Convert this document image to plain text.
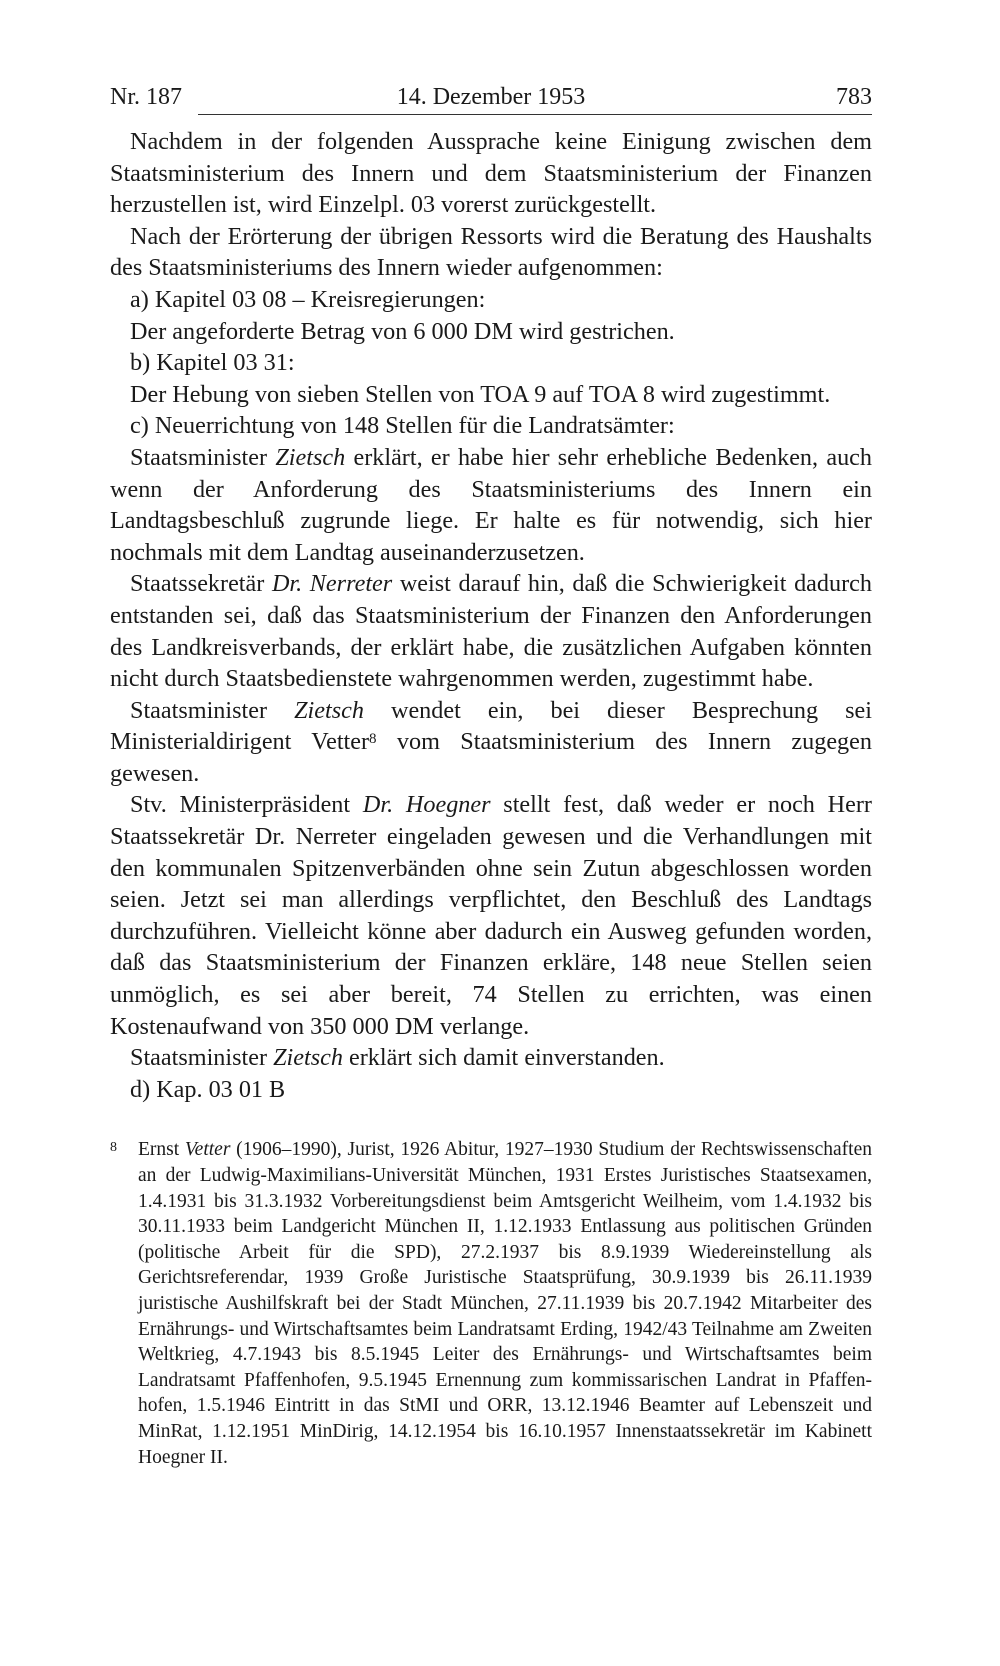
Nr. 187	14. Dezember 1953	783

Nachdem in der folgenden Aussprache keine Einigung zwischen dem Staatsministerium des Innern und dem Staatsministerium der Finanzen herzustellen ist, wird Einzelpl. 03 vorerst zurückgestellt.

Nach der Erörterung der übrigen Ressorts wird die Beratung des Haushalts des Staatsministeriums des Innern wieder aufgenommen:

a) Kapitel 03 08 – Kreisregierungen:

Der angeforderte Betrag von 6 000 DM wird gestrichen.

b) Kapitel 03 31:

Der Hebung von sieben Stellen von TOA 9 auf TOA 8 wird zugestimmt.

c) Neuerrichtung von 148 Stellen für die Landratsämter:

Staatsminister Zietsch erklärt, er habe hier sehr erhebliche Bedenken, auch wenn der Anforderung des Staatsministeriums des Innern ein Landtagsbeschluß zugrunde liege. Er halte es für notwendig, sich hier nochmals mit dem Landtag auseinanderzusetzen.

Staatssekretär Dr. Nerreter weist darauf hin, daß die Schwierigkeit dadurch entstanden sei, daß das Staatsministerium der Finanzen den Anforderungen des Landkreisverbands, der erklärt habe, die zusätzlichen Aufgaben könnten nicht durch Staatsbedienstete wahrgenommen werden, zugestimmt habe.

Staatsminister Zietsch wendet ein, bei dieser Besprechung sei Ministerialdirigent Vetter$^8$ vom Staatsministerium des Innern zugegen gewesen.

Stv. Ministerpräsident Dr. Hoegner stellt fest, daß weder er noch Herr Staatssekretär Dr. Nerreter eingeladen gewesen und die Verhandlungen mit den kommunalen Spitzenverbänden ohne sein Zutun abgeschlossen worden seien. Jetzt sei man allerdings verpflichtet, den Beschluß des Landtags durchzuführen. Vielleicht könne aber dadurch ein Ausweg gefunden worden, daß das Staatsministerium der Finanzen erkläre, 148 neue Stellen seien unmöglich, es sei aber bereit, 74 Stellen zu errichten, was einen Kostenaufwand von 350 000 DM verlange.

Staatsminister Zietsch erklärt sich damit einverstanden.

d) Kap. 03 01 B

8 Ernst Vetter (1906–1990), Jurist, 1926 Abitur, 1927–1930 Studium der Rechtswissenschaften an der Ludwig-Maximilians-Universität München, 1931 Erstes Juristisches Staatsexamen, 1.4.1931 bis 31.3.1932 Vorbereitungsdienst beim Amtsgericht Weilheim, vom 1.4.1932 bis 30.11.1933 beim Landgericht München II, 1.12.1933 Entlassung aus politischen Gründen (politische Arbeit für die SPD), 27.2.1937 bis 8.9.1939 Wiedereinstellung als Gerichtsreferendar, 1939 Große Juristische Staatsprüfung, 30.9.1939 bis 26.11.1939 juristische Aushilfskraft bei der Stadt München, 27.11.1939 bis 20.7.1942 Mitarbeiter des Ernährungs- und Wirtschaftsamtes beim Landratsamt Erding, 1942/43 Teilnahme am Zweiten Weltkrieg, 4.7.1943 bis 8.5.1945 Leiter des Ernährungs- und Wirtschaftsamtes beim Landratsamt Pfaffenhofen, 9.5.1945 Ernennung zum kommissarischen Landrat in Pfaffenhofen, 1.5.1946 Eintritt in das StMI und ORR, 13.12.1946 Beamter auf Lebenszeit und MinRat, 1.12.1951 MinDirig, 14.12.1954 bis 16.10.1957 Innenstaatssekretär im Kabinett Hoegner II.
